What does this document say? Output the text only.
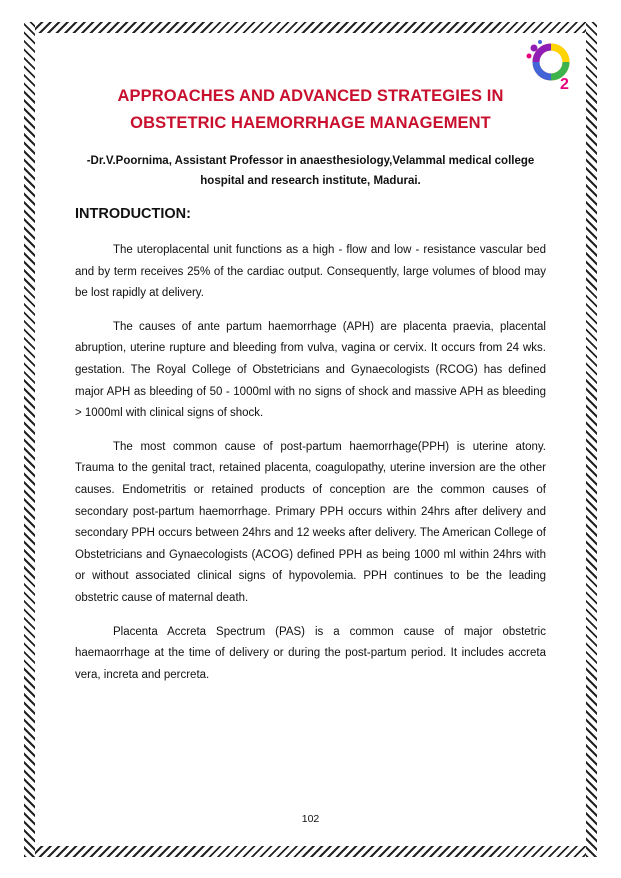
2
APPROACHES AND ADVANCED STRATEGIES IN
OBSTETRIC HAEMORRHAGE MANAGEMENT
-Dr.V.Poornima, Assistant Professor in anaesthesiology,Velammal medical college
hospital and research institute, Madurai.
INTRODUCTION:

The uteroplacental unit functions as a high - flow and low - resistance vascular bed and by term receives 25% of the cardiac output. Consequently, large volumes of blood may be lost rapidly at delivery.

The causes of ante partum haemorrhage (APH) are placenta praevia, placental abruption, uterine rupture and bleeding from vulva, vagina or cervix. It occurs from 24 wks. gestation. The Royal College of Obstetricians and Gynaecologists (RCOG) has defined major APH as bleeding of 50 - 1000ml with no signs of shock and massive APH as bleeding > 1000ml with clinical signs of shock.

The most common cause of post-partum haemorrhage(PPH) is uterine atony. Trauma to the genital tract, retained placenta, coagulopathy, uterine inversion are the other causes. Endometritis or retained products of conception are the common causes of secondary post-partum haemorrhage. Primary PPH occurs within 24hrs after delivery and secondary PPH occurs between 24hrs and 12 weeks after delivery. The American College of Obstetricians and Gynaecologists (ACOG) defined PPH as being 1000 ml within 24hrs with or without associated clinical signs of hypovolemia. PPH continues to be the leading obstetric cause of maternal death.

Placenta Accreta Spectrum (PAS) is a common cause of major obstetric haemaorrhage at the time of delivery or during the post-partum period. It includes accreta vera, increta and percreta.

102
